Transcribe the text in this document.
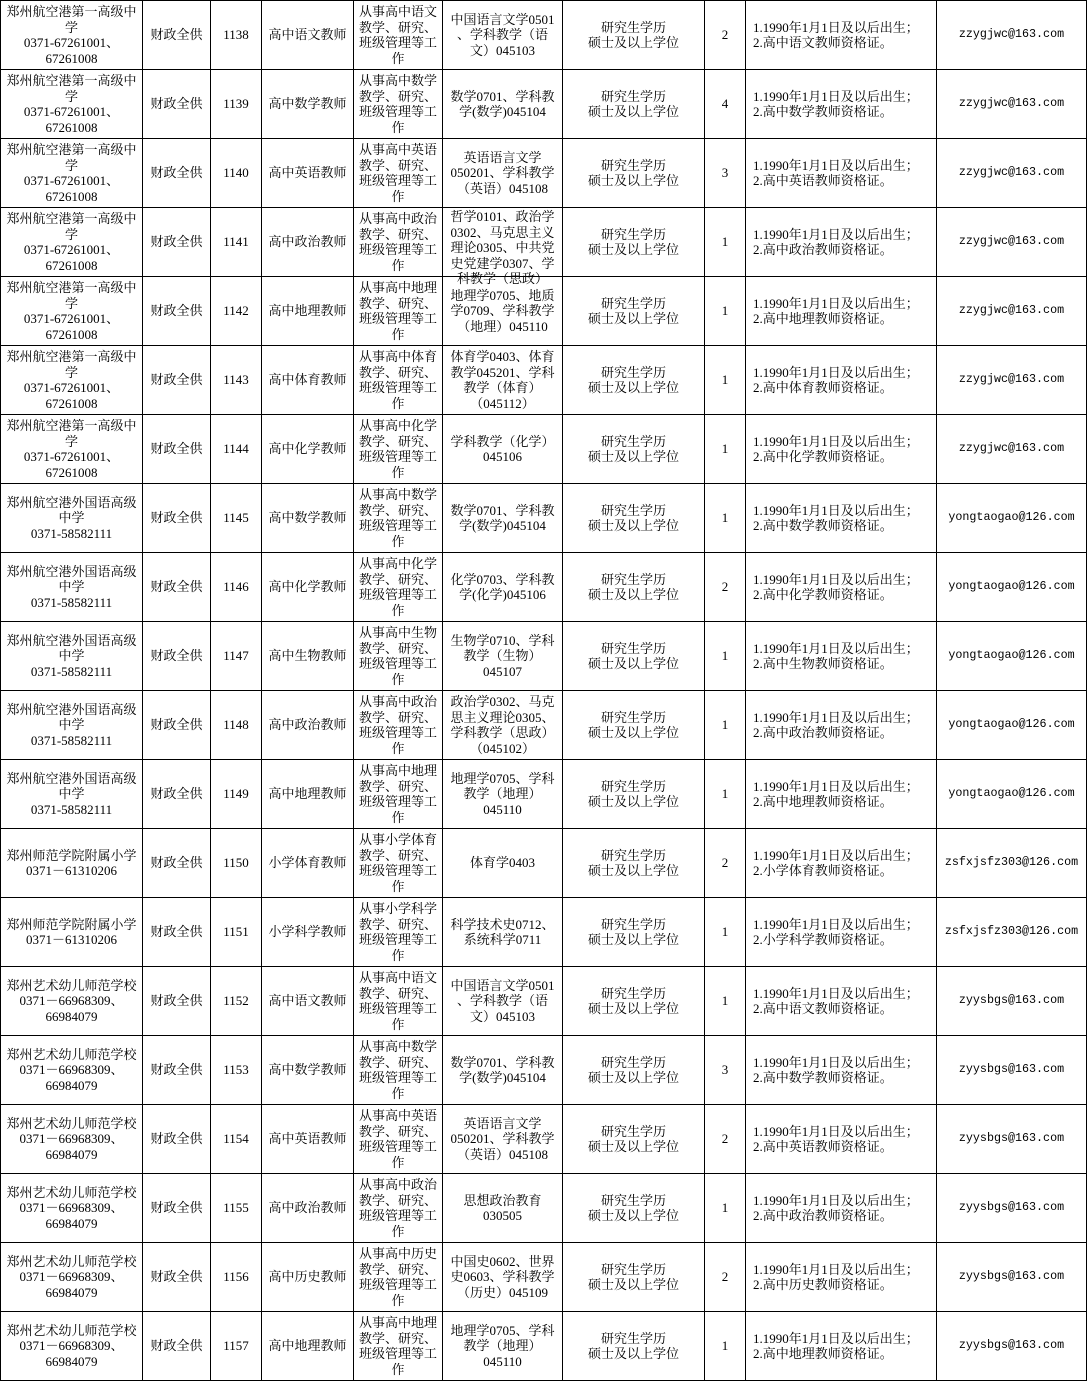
郑州航空港第一高级中
学
0371-67261001、
67261008
财政全供 1138 高中语文教师
从事高中语文
教学、研究、
班级管理等工
作
中国语言文学0501
、学科教学（语
文）045103
研究生学历
硕士及以上学位
2
1.1990年1月1日及以后出生；
2.高中语文教师资格证。
zzygjwc@163.com
郑州航空港第一高级中
学
0371-67261001、
67261008
财政全供 1139 高中数学教师
从事高中数学
教学、研究、
班级管理等工
作
数学0701、学科教
学(数学)045104
研究生学历
硕士及以上学位
4
1.1990年1月1日及以后出生；
2.高中数学教师资格证。
zzygjwc@163.com
郑州航空港第一高级中
学
0371-67261001、
67261008
财政全供 1140 高中英语教师
从事高中英语
教学、研究、
班级管理等工
作
英语语言文学
050201、学科教学
（英语）045108
研究生学历
硕士及以上学位
3
1.1990年1月1日及以后出生；
2.高中英语教师资格证。
zzygjwc@163.com
郑州航空港第一高级中
学
0371-67261001、
67261008
财政全供 1141 高中政治教师
从事高中政治
教学、研究、
班级管理等工
作
哲学0101、政治学
0302、马克思主义
理论0305、中共党
史党建学0307、学
科教学（思政）
研究生学历
硕士及以上学位
1
1.1990年1月1日及以后出生；
2.高中政治教师资格证。
zzygjwc@163.com
郑州航空港第一高级中
学
0371-67261001、
67261008
财政全供 1142 高中地理教师
从事高中地理
教学、研究、
班级管理等工
作
地理学0705、地质
学0709、学科教学
（地理）045110
研究生学历
硕士及以上学位
1
1.1990年1月1日及以后出生；
2.高中地理教师资格证。
zzygjwc@163.com
郑州航空港第一高级中
学
0371-67261001、
67261008
财政全供 1143 高中体育教师
从事高中体育
教学、研究、
班级管理等工
作
体育学0403、体育
教学045201、学科
教学（体育）
（045112）
研究生学历
硕士及以上学位
1
1.1990年1月1日及以后出生；
2.高中体育教师资格证。
zzygjwc@163.com
郑州航空港第一高级中
学
0371-67261001、
67261008
财政全供 1144 高中化学教师
从事高中化学
教学、研究、
班级管理等工
作
学科教学（化学）
045106
研究生学历
硕士及以上学位
1
1.1990年1月1日及以后出生；
2.高中化学教师资格证。
zzygjwc@163.com
郑州航空港外国语高级
中学
0371-58582111
财政全供 1145 高中数学教师
从事高中数学
教学、研究、
班级管理等工
作
数学0701、学科教
学(数学)045104
研究生学历
硕士及以上学位
1
1.1990年1月1日及以后出生；
2.高中数学教师资格证。
yongtaogao@126.com
郑州航空港外国语高级
中学
0371-58582111
财政全供 1146 高中化学教师
从事高中化学
教学、研究、
班级管理等工
作
化学0703、学科教
学(化学)045106
研究生学历
硕士及以上学位
2
1.1990年1月1日及以后出生；
2.高中化学教师资格证。
yongtaogao@126.com
郑州航空港外国语高级
中学
0371-58582111
财政全供 1147 高中生物教师
从事高中生物
教学、研究、
班级管理等工
作
生物学0710、学科
教学（生物）
045107
研究生学历
硕士及以上学位
1
1.1990年1月1日及以后出生；
2.高中生物教师资格证。
yongtaogao@126.com
郑州航空港外国语高级
中学
0371-58582111
财政全供 1148 高中政治教师
从事高中政治
教学、研究、
班级管理等工
作
政治学0302、马克
思主义理论0305、
学科教学（思政）
（045102）
研究生学历
硕士及以上学位
1
1.1990年1月1日及以后出生；
2.高中政治教师资格证。
yongtaogao@126.com
郑州航空港外国语高级
中学
0371-58582111
财政全供 1149 高中地理教师
从事高中地理
教学、研究、
班级管理等工
作
地理学0705、学科
教学（地理）
045110
研究生学历
硕士及以上学位
1
1.1990年1月1日及以后出生；
2.高中地理教师资格证。
yongtaogao@126.com
郑州师范学院附属小学
0371－61310206
财政全供 1150 小学体育教师
从事小学体育
教学、研究、
班级管理等工
作
体育学0403
研究生学历
硕士及以上学位
2
1.1990年1月1日及以后出生；
2.小学体育教师资格证。
zsfxjsfz303@126.com
郑州师范学院附属小学
0371－61310206
财政全供 1151 小学科学教师
从事小学科学
教学、研究、
班级管理等工
作
科学技术史0712、
系统科学0711
研究生学历
硕士及以上学位
1
1.1990年1月1日及以后出生；
2.小学科学教师资格证。
zsfxjsfz303@126.com
郑州艺术幼儿师范学校
0371－66968309、
66984079
财政全供 1152 高中语文教师
从事高中语文
教学、研究、
班级管理等工
作
中国语言文学0501
、学科教学（语
文）045103
研究生学历
硕士及以上学位
1
1.1990年1月1日及以后出生；
2.高中语文教师资格证。
zyysbgs@163.com
郑州艺术幼儿师范学校
0371－66968309、
66984079
财政全供 1153 高中数学教师
从事高中数学
教学、研究、
班级管理等工
作
数学0701、学科教
学(数学)045104
研究生学历
硕士及以上学位
3
1.1990年1月1日及以后出生；
2.高中数学教师资格证。
zyysbgs@163.com
郑州艺术幼儿师范学校
0371－66968309、
66984079
财政全供 1154 高中英语教师
从事高中英语
教学、研究、
班级管理等工
作
英语语言文学
050201、学科教学
（英语）045108
研究生学历
硕士及以上学位
2
1.1990年1月1日及以后出生；
2.高中英语教师资格证。
zyysbgs@163.com
郑州艺术幼儿师范学校
0371－66968309、
66984079
财政全供 1155 高中政治教师
从事高中政治
教学、研究、
班级管理等工
作
思想政治教育
030505
研究生学历
硕士及以上学位
1
1.1990年1月1日及以后出生；
2.高中政治教师资格证。
zyysbgs@163.com
郑州艺术幼儿师范学校
0371－66968309、
66984079
财政全供 1156 高中历史教师
从事高中历史
教学、研究、
班级管理等工
作
中国史0602、世界
史0603、学科教学
（历史）045109
研究生学历
硕士及以上学位
2
1.1990年1月1日及以后出生；
2.高中历史教师资格证。
zyysbgs@163.com
郑州艺术幼儿师范学校
0371－66968309、
66984079
财政全供 1157 高中地理教师
从事高中地理
教学、研究、
班级管理等工
作
地理学0705、学科
教学（地理）
045110
研究生学历
硕士及以上学位
1
1.1990年1月1日及以后出生；
2.高中地理教师资格证。
zyysbgs@163.com
